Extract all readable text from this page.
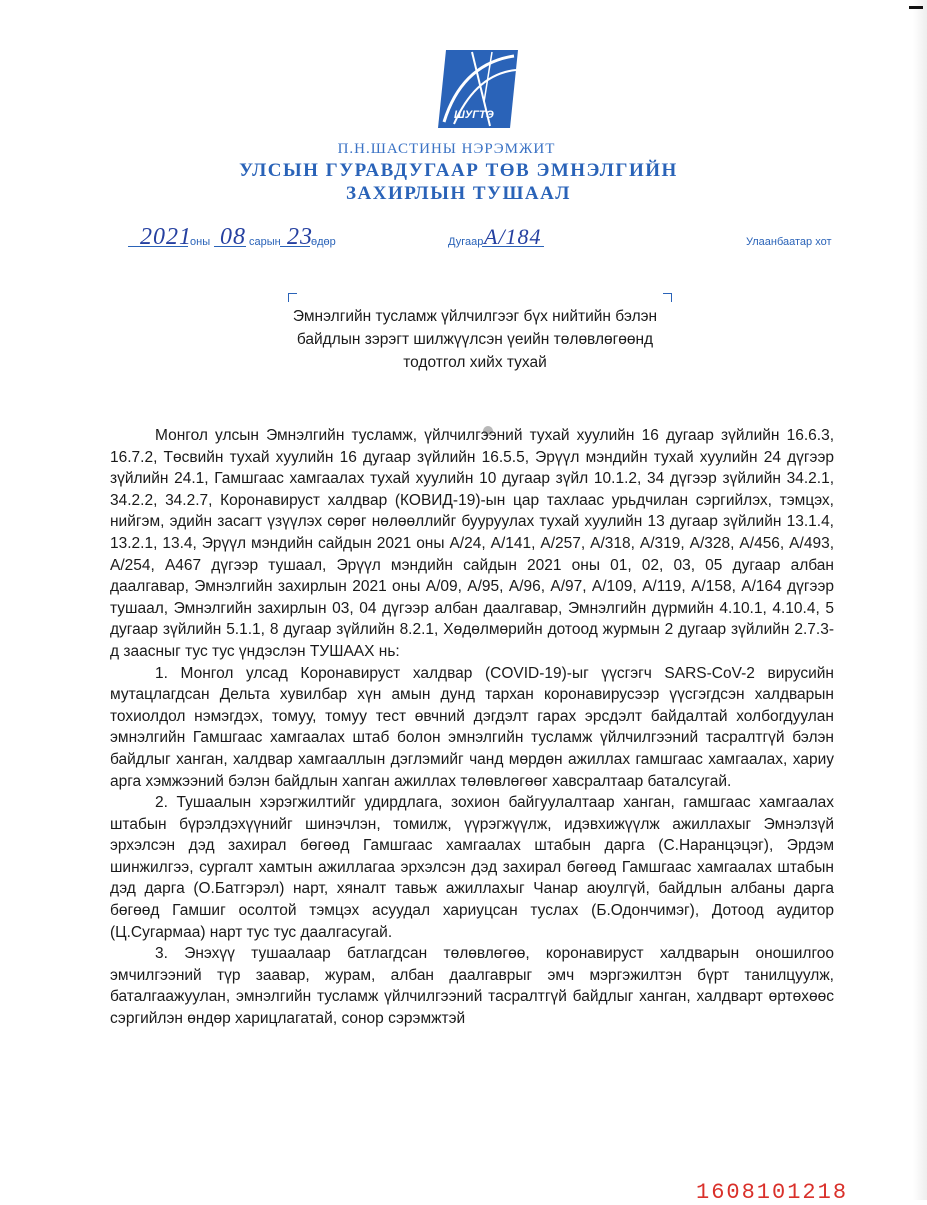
ШУГТЭ
П.Н.ШАСТИНЫ НЭРЭМЖИТ
УЛСЫН ГУРАВДУГААР ТӨВ ЭМНЭЛГИЙН
ЗАХИРЛЫН ТУШААЛ
2021
оны 08 сарын 23
өдөр	Дугаар А/184	Улаанбаатар хот
Эмнэлгийн тусламж үйлчилгээг бүх нийтийн бэлэн байдлын зэрэгт шилжүүлсэн үеийн төлөвлөгөөнд тодотгол хийх тухай

Монгол улсын Эмнэлгийн тусламж, үйлчилгээний тухай хуулийн 16 дугаар зүйлийн 16.6.3, 16.7.2, Төсвийн тухай хуулийн 16 дугаар зүйлийн 16.5.5, Эрүүл мэндийн тухай хуулийн 24 дүгээр зүйлийн 24.1, Гамшгаас хамгаалах тухай хуулийн 10 дугаар зүйл 10.1.2, 34 дүгээр зүйлийн 34.2.1, 34.2.2, 34.2.7, Коронавируст халдвар (КОВИД-19)-ын цар тахлаас урьдчилан сэргийлэх, тэмцэх, нийгэм, эдийн засагт үзүүлэх сөрөг нөлөөллийг бууруулах тухай хуулийн 13 дугаар зүйлийн 13.1.4, 13.2.1, 13.4, Эрүүл мэндийн сайдын 2021 оны А/24, А/141, А/257, А/318, А/319, А/328, А/456, А/493, А/254, А467 дүгээр тушаал, Эрүүл мэндийн сайдын 2021 оны 01, 02, 03, 05 дугаар албан даалгавар, Эмнэлгийн захирлын 2021 оны А/09, А/95, А/96, А/97, А/109, А/119, А/158, А/164 дүгээр тушаал, Эмнэлгийн захирлын 03, 04 дүгээр албан даалгавар, Эмнэлгийн дүрмийн 4.10.1, 4.10.4, 5 дугаар зүйлийн 5.1.1, 8 дугаар зүйлийн 8.2.1, Хөдөлмөрийн дотоод журмын 2 дугаар зүйлийн 2.7.3-д заасныг тус тус үндэслэн ТУШААХ нь:

1. Монгол улсад Коронавируст халдвар (COVID-19)-ыг үүсгэгч SARS-CoV-2 вирусийн мутацлагдсан Дельта хувилбар хүн амын дунд тархан коронавирусээр үүсгэгдсэн халдварын тохиолдол нэмэгдэх, томуу, томуу тест өвчний дэгдэлт гарах эрсдэлт байдалтай холбогдуулан эмнэлгийн Гамшгаас хамгаалах штаб болон эмнэлгийн тусламж үйлчилгээний тасралтгүй бэлэн байдлыг ханган, халдвар хамгааллын дэглэмийг чанд мөрдөн ажиллах гамшгаас хамгаалах, хариу арга хэмжээний бэлэн байдлын хanган ажиллах төлөвлөгөөг хавсралтаар баталсугай.

2. Тушаалын хэрэгжилтийг удирдлага, зохион байгуулалтаар ханган, гамшгаас хамгаалах штабын бүрэлдэхүүнийг шинэчлэн, томилж, үүрэгжүүлж, идэвхижүүлж ажиллахыг Эмнэлзүй эрхэлсэн дэд захирал бөгөөд Гамшгаас хамгаалах штабын дарга (С.Наранцэцэг), Эрдэм шинжилгээ, сургалт хамтын ажиллагаа эрхэлсэн дэд захирал бөгөөд Гамшгаас хамгаалах штабын дэд дарга (О.Батгэрэл) нарт, хяналт тавьж ажиллахыг Чанар аюулгүй, байдлын албаны дарга бөгөөд Гамшиг осолтой тэмцэх асуудал хариуцсан туслах (Б.Одончимэг), Дотоод аудитор (Ц.Сугармаа) нарт тус тус даалгасугай.

3. Энэхүү тушаалаар батлагдсан төлөвлөгөө, коронавируст халдварын оношилгоо эмчилгээний түр заавар, журам, албан даалгаврыг эмч мэргэжилтэн бүрт танилцуулж, баталгаажуулан, эмнэлгийн тусламж үйлчилгээний тасралтгүй байдлыг ханган, халдварт өртөхөөс сэргийлэн өндөр харицлагатай, сонор сэрэмжтэй

1608101218
